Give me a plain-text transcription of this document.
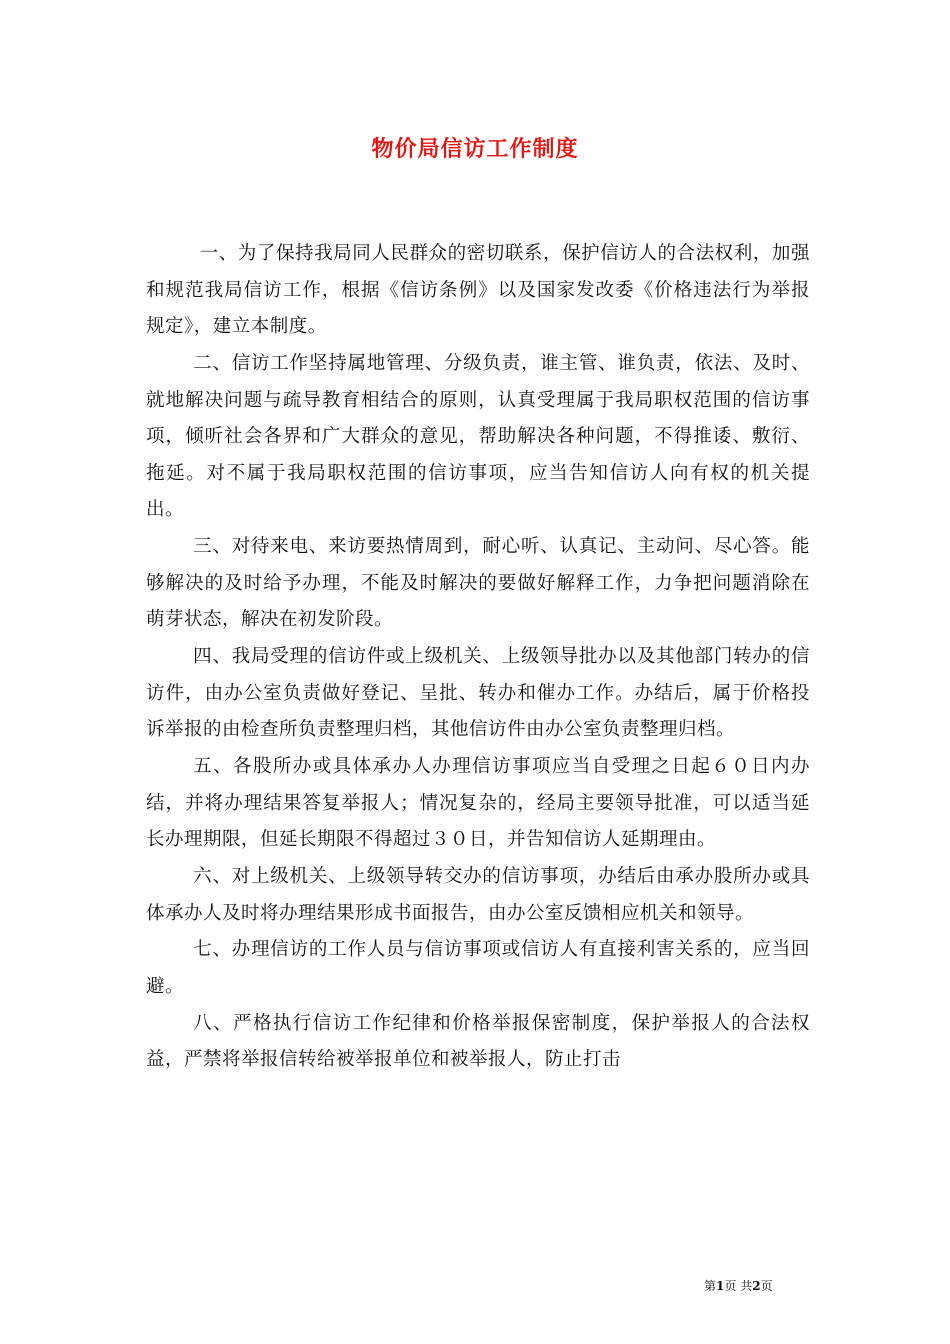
物价局信访工作制度

一、为了保持我局同人民群众的密切联系，保护信访人的合法权利，加强和规范我局信访工作，根据《信访条例》以及国家发改委《价格违法行为举报规定》，建立本制度。

二、信访工作坚持属地管理、分级负责，谁主管、谁负责，依法、及时、就地解决问题与疏导教育相结合的原则，认真受理属于我局职权范围的信访事项，倾听社会各界和广大群众的意见，帮助解决各种问题，不得推诿、敷衍、拖延。对不属于我局职权范围的信访事项，应当告知信访人向有权的机关提出。

三、对待来电、来访要热情周到，耐心听、认真记、主动问、尽心答。能够解决的及时给予办理，不能及时解决的要做好解释工作，力争把问题消除在萌芽状态，解决在初发阶段。

四、我局受理的信访件或上级机关、上级领导批办以及其他部门转办的信访件，由办公室负责做好登记、呈批、转办和催办工作。办结后，属于价格投诉举报的由检查所负责整理归档，其他信访件由办公室负责整理归档。

五、各股所办或具体承办人办理信访事项应当自受理之日起６０日内办结，并将办理结果答复举报人；情况复杂的，经局主要领导批准，可以适当延长办理期限，但延长期限不得超过３０日，并告知信访人延期理由。

六、对上级机关、上级领导转交办的信访事项，办结后由承办股所办或具体承办人及时将办理结果形成书面报告，由办公室反馈相应机关和领导。

七、办理信访的工作人员与信访事项或信访人有直接利害关系的，应当回避。

八、严格执行信访工作纪律和价格举报保密制度，保护举报人的合法权益，严禁将举报信转给被举报单位和被举报人，防止打击

第1页 共2页
